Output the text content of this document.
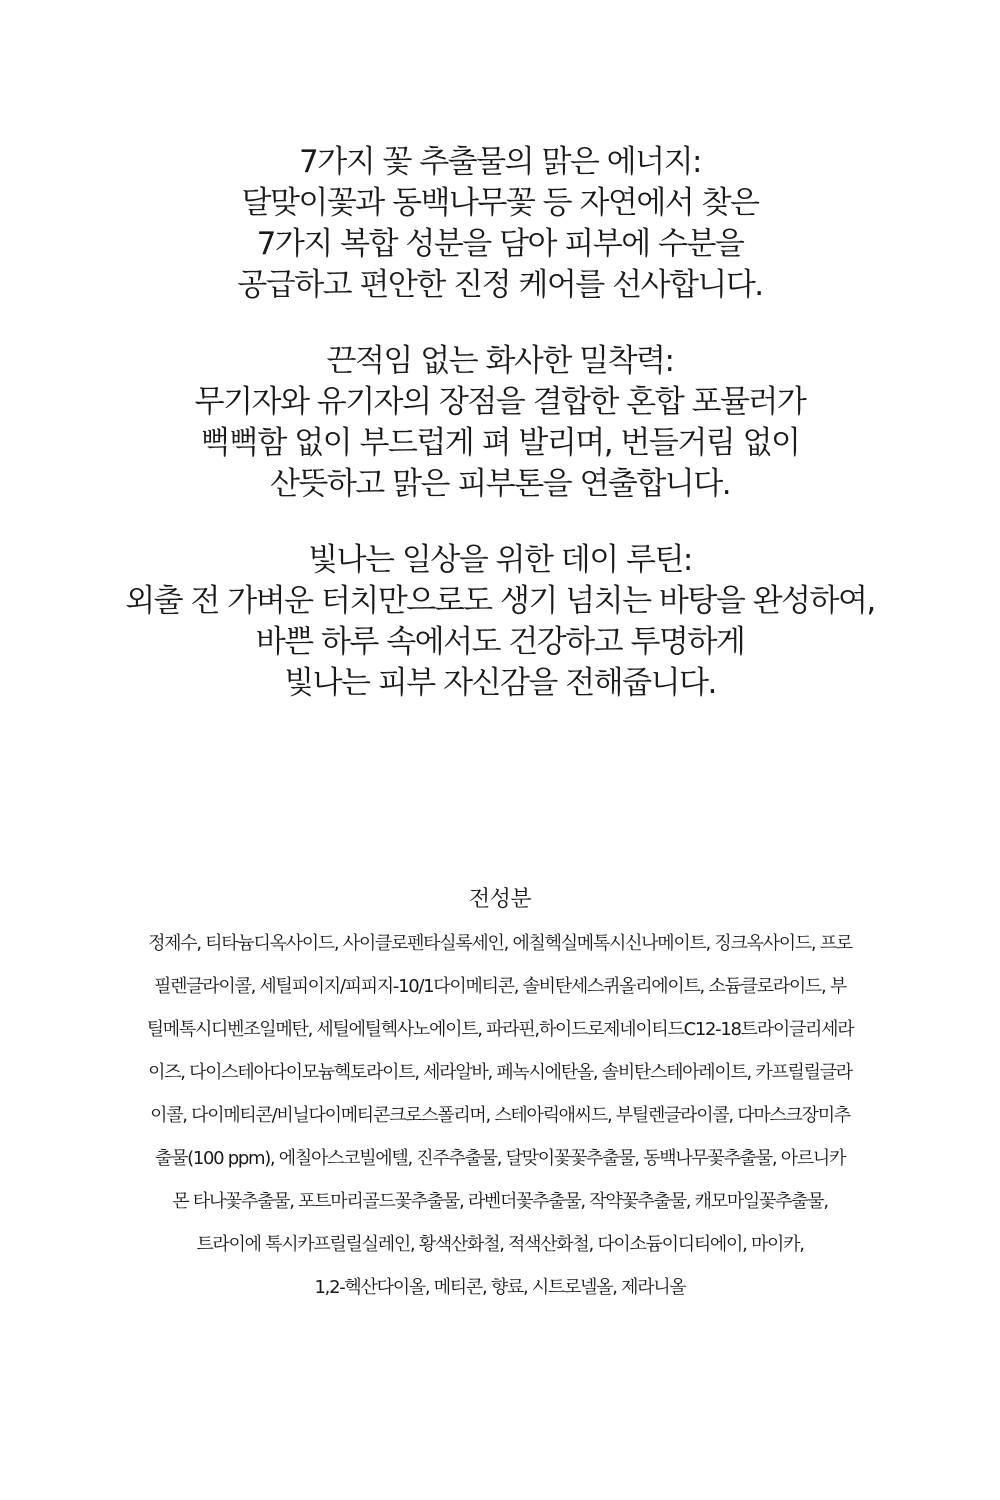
7가지 꽃 추출물의 맑은 에너지:
달맞이꽃과 동백나무꽃 등 자연에서 찾은
7가지 복합 성분을 담아 피부에 수분을
공급하고 편안한 진정 케어를 선사합니다.
끈적임 없는 화사한 밀착력:
무기자와 유기자의 장점을 결합한 혼합 포뮬러가
뻑뻑함 없이 부드럽게 펴 발리며, 번들거림 없이
산뜻하고 맑은 피부톤을 연출합니다.
빛나는 일상을 위한 데이 루틴:
외출 전 가벼운 터치만으로도 생기 넘치는 바탕을 완성하여,
바쁜 하루 속에서도 건강하고 투명하게
빛나는 피부 자신감을 전해줍니다.
전성분
정제수, 티타늄디옥사이드, 사이클로펜타실록세인, 에칠헥실메톡시신나메이트, 징크옥사이드, 프로
필렌글라이콜, 세틸피이지/피피지-10/1다이메티콘, 솔비탄세스퀴올리에이트, 소듐클로라이드, 부
틸메톡시디벤조일메탄, 세틸에틸헥사노에이트, 파라핀,하이드로제네이티드C12-18트라이글리세라
이즈, 다이스테아다이모늄헥토라이트, 세라알바, 페녹시에탄올, 솔비탄스테아레이트, 카프릴릴글라
이콜, 다이메티콘/비닐다이메티콘크로스폴리머, 스테아릭애씨드, 부틸렌글라이콜, 다마스크장미추
출물(100 ppm), 에칠아스코빌에텔, 진주추출물, 달맞이꽃꽃추출물, 동백나무꽃추출물, 아르니카
몬 타나꽃추출물, 포트마리골드꽃추출물, 라벤더꽃추출물, 작약꽃추출물, 캐모마일꽃추출물,
트라이에 톡시카프릴릴실레인, 황색산화철, 적색산화철, 다이소듐이디티에이, 마이카,
1,2-헥산다이올, 메티콘, 향료, 시트로넬올, 제라니올
